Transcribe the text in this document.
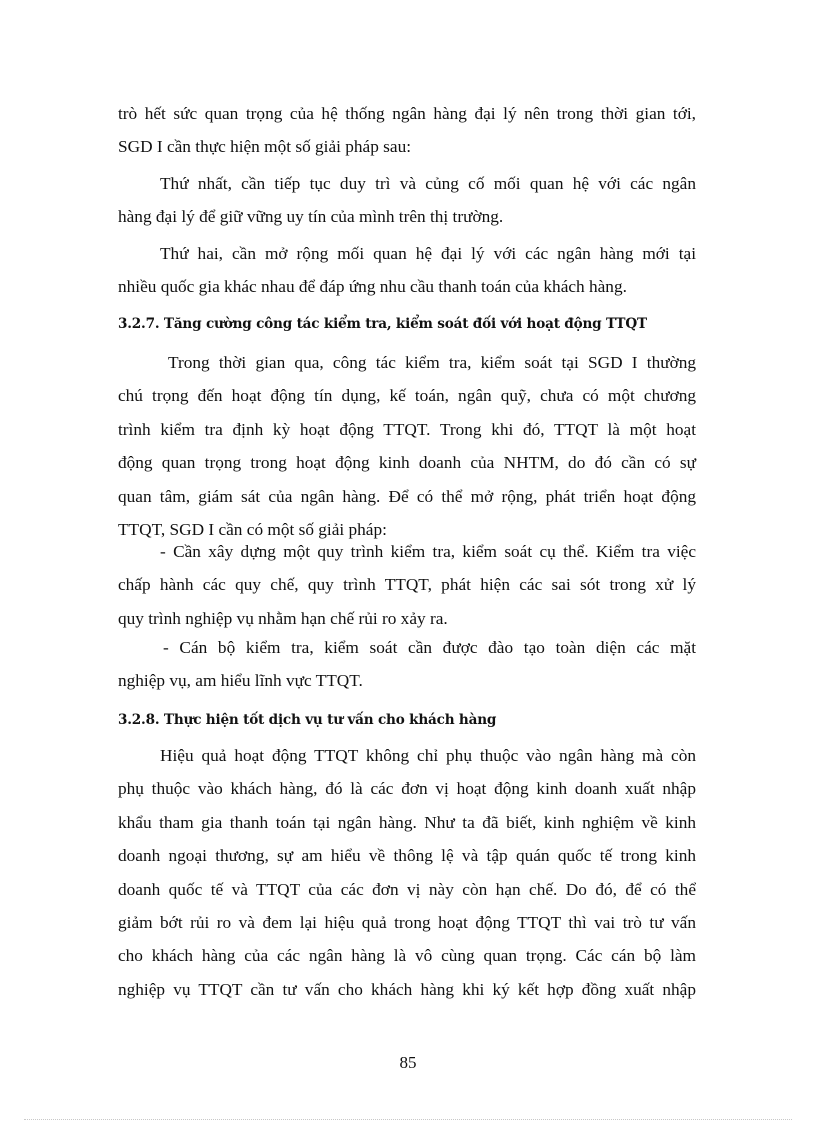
trò hết sức quan trọng của hệ thống ngân hàng đại lý nên trong thời gian tới,
SGD I cần thực hiện một số giải pháp sau:
Thứ nhất, cần tiếp tục duy trì và củng cố mối quan hệ với các ngân
hàng đại lý để giữ vững uy tín của mình trên thị trường.
Thứ hai, cần mở rộng mối quan hệ đại lý với các ngân hàng mới tại
nhiều quốc gia khác nhau để đáp ứng nhu cầu thanh toán của khách hàng.
3.2.7. Tăng cường công tác kiểm tra, kiểm soát đối với hoạt động TTQT
Trong thời gian qua, công tác kiểm tra, kiểm soát tại SGD I thường
chú trọng đến hoạt động tín dụng, kế toán, ngân quỹ, chưa có một chương
trình kiểm tra định kỳ hoạt động TTQT. Trong khi đó, TTQT là một hoạt
động quan trọng trong hoạt động kinh doanh của NHTM, do đó cần có sự
quan tâm, giám sát của ngân hàng. Để có thể mở rộng, phát triển hoạt động
TTQT, SGD I cần có một số giải pháp:
- Cần xây dựng một quy trình kiểm tra, kiểm soát cụ thể. Kiểm tra việc
chấp hành các quy chế, quy trình TTQT, phát hiện các sai sót trong xử lý
quy trình nghiệp vụ nhằm hạn chế rủi ro xảy ra.
- Cán bộ kiểm tra, kiểm soát cần được đào tạo toàn diện các mặt
nghiệp vụ, am hiểu lĩnh vực TTQT.
3.2.8. Thực hiện tốt dịch vụ tư vấn cho khách hàng
Hiệu quả hoạt động TTQT không chỉ phụ thuộc vào ngân hàng mà còn
phụ thuộc vào khách hàng, đó là các đơn vị hoạt động kinh doanh xuất nhập
khẩu tham gia thanh toán tại ngân hàng. Như ta đã biết, kinh nghiệm về kinh
doanh ngoại thương, sự am hiểu về thông lệ và tập quán quốc tế trong kinh
doanh quốc tế và TTQT của các đơn vị này còn hạn chế. Do đó, để có thể
giảm bớt rủi ro và đem lại hiệu quả trong hoạt động TTQT thì vai trò tư vấn
cho khách hàng của các ngân hàng là vô cùng quan trọng. Các cán bộ làm
nghiệp vụ TTQT cần tư vấn cho khách hàng khi ký kết hợp đồng xuất nhập
85
